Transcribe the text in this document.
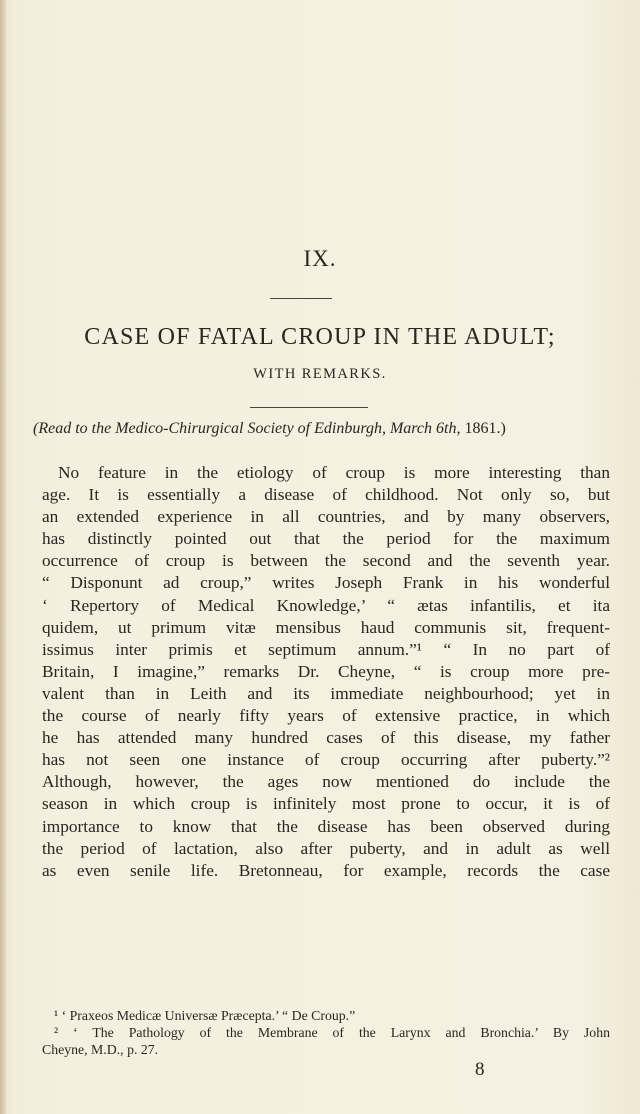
IX.
CASE OF FATAL CROUP IN THE ADULT;

WITH REMARKS.

(Read to the Medico-Chirurgical Society of Edinburgh, March 6th, 1861.)

No feature in the etiology of croup is more interesting than
age. It is essentially a disease of childhood. Not only so, but
an extended experience in all countries, and by many observers,
has distinctly pointed out that the period for the maximum
occurrence of croup is between the second and the seventh year.
“ Disponunt ad croup,” writes Joseph Frank in his wonderful
‘ Repertory of Medical Knowledge,’ “ ætas infantilis, et ita
quidem, ut primum vitæ mensibus haud communis sit, frequent-
issimus inter primis et septimum annum.”¹ “ In no part of
Britain, I imagine,” remarks Dr. Cheyne, “ is croup more pre-
valent than in Leith and its immediate neighbourhood; yet in
the course of nearly fifty years of extensive practice, in which
he has attended many hundred cases of this disease, my father
has not seen one instance of croup occurring after puberty.”²
Although, however, the ages now mentioned do include the
season in which croup is infinitely most prone to occur, it is of
importance to know that the disease has been observed during
the period of lactation, also after puberty, and in adult as well
as even senile life. Bretonneau, for example, records the case
¹ ‘ Praxeos Medicæ Universæ Præcepta.’ “ De Croup.”
² ‘ The Pathology of the Membrane of the Larynx and Bronchia.’ By John
Cheyne, M.D., p. 27.

8
